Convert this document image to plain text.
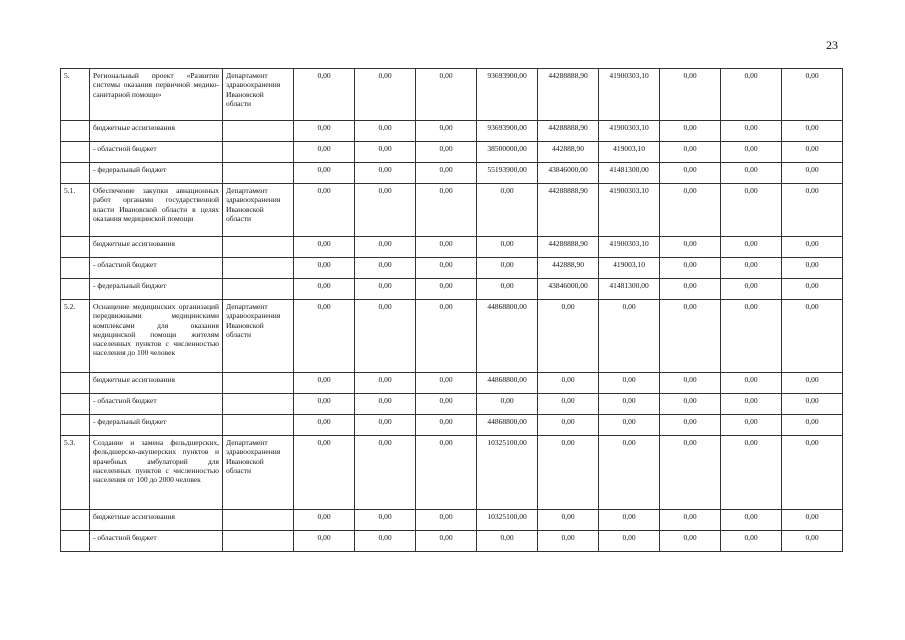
23
5.	Региональный проект «Развитие системы оказания первичной медико-санитарной помощи»	Департамент здравоохранения Ивановской области	0,00	0,00	0,00	93693900,00	44288888,90	41900303,10	0,00	0,00	0,00
	бюджетные ассигнования		0,00	0,00	0,00	93693900,00	44288888,90	41900303,10	0,00	0,00	0,00
	- областной бюджет		0,00	0,00	0,00	38500000,00	442888,90	419003,10	0,00	0,00	0,00
	- федеральный бюджет		0,00	0,00	0,00	55193900,00	43846000,00	41481300,00	0,00	0,00	0,00
5.1.	Обеспечение закупки авиационных работ органами государственной власти Ивановской области в целях оказания медицинской помощи	Департамент здравоохранения Ивановской области	0,00	0,00	0,00	0,00	44288888,90	41900303,10	0,00	0,00	0,00
	бюджетные ассигнования		0,00	0,00	0,00	0,00	44288888,90	41900303,10	0,00	0,00	0,00
	- областной бюджет		0,00	0,00	0,00	0,00	442888,90	419003,10	0,00	0,00	0,00
	- федеральный бюджет		0,00	0,00	0,00	0,00	43846000,00	41481300,00	0,00	0,00	0,00
5.2.	Оснащение медицинских организаций передвижными медицинскими комплексами для оказания медицинской помощи жителям населенных пунктов с численностью населения до 100 человек	Департамент здравоохранения Ивановской области	0,00	0,00	0,00	44868800,00	0,00	0,00	0,00	0,00	0,00
	бюджетные ассигнования		0,00	0,00	0,00	44868800,00	0,00	0,00	0,00	0,00	0,00
	- областной бюджет		0,00	0,00	0,00	0,00	0,00	0,00	0,00	0,00	0,00
	- федеральный бюджет		0,00	0,00	0,00	44868800,00	0,00	0,00	0,00	0,00	0,00
5.3.	Создание и замена фельдшерских, фельдшерско-акушерских пунктов и врачебных амбулаторий для населенных пунктов с численностью населения от 100 до 2000 человек	Департамент здравоохранения Ивановской области	0,00	0,00	0,00	10325100,00	0,00	0,00	0,00	0,00	0,00
	бюджетные ассигнования		0,00	0,00	0,00	10325100,00	0,00	0,00	0,00	0,00	0,00
	- областной бюджет		0,00	0,00	0,00	0,00	0,00	0,00	0,00	0,00	0,00
